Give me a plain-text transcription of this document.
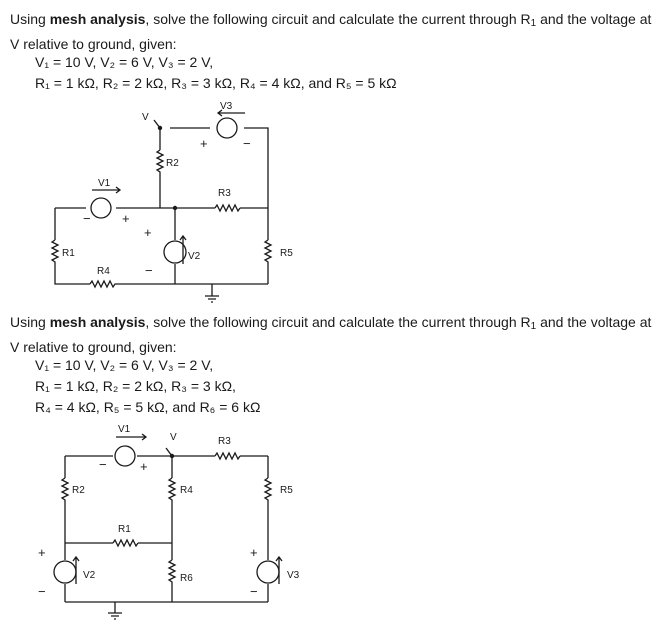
Using mesh analysis, solve the following circuit and calculate the current through $R_1$ and the voltage at V relative to ground, given:

V₁ = 10 V, V₂ = 6 V, V₃ = 2 V,
R₁ = 1 kΩ, R₂ = 2 kΩ, R₃ = 3 kΩ, R₄ = 4 kΩ, and R₅ = 5 kΩ
V
V1
V3
V2
R2
R3
R1
R4
R5
+
−
+	−
+
−

Using mesh analysis, solve the following circuit and calculate the current through $R_1$ and the voltage at V relative to ground, given:

V₁ = 10 V, V₂ = 6 V, V₃ = 2 V,
R₁ = 1 kΩ, R₂ = 2 kΩ, R₃ = 3 kΩ,
R₄ = 4 kΩ, R₅ = 5 kΩ, and R₆ = 6 kΩ
V1
V	R3
R2	R4	R5
R1
R6
V2	V3
+
−
+
−
+
−
